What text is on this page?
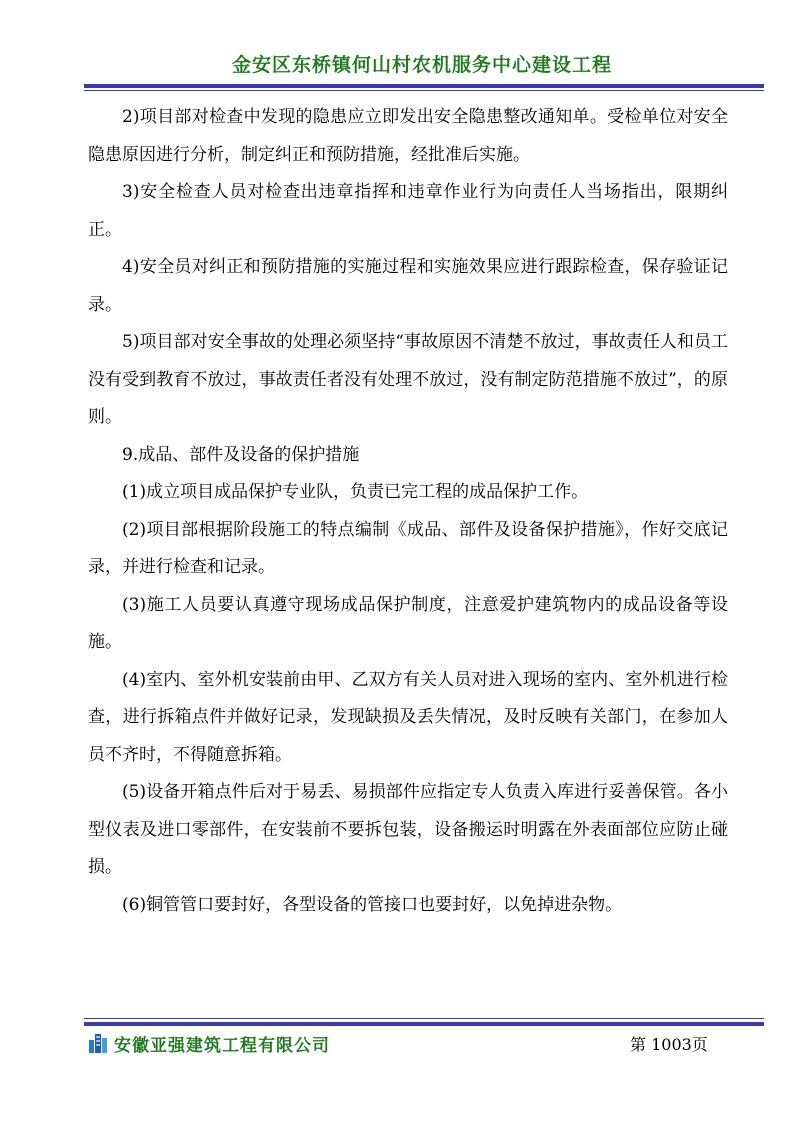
金安区东桥镇何山村农机服务中心建设工程

2)项目部对检查中发现的隐患应立即发出安全隐患整改通知单。受检单位对安全隐患原因进行分析，制定纠正和预防措施，经批准后实施。

3)安全检查人员对检查出违章指挥和违章作业行为向责任人当场指出，限期纠正。

4)安全员对纠正和预防措施的实施过程和实施效果应进行跟踪检查，保存验证记录。

5)项目部对安全事故的处理必须坚持“事故原因不清楚不放过，事故责任人和员工没有受到教育不放过，事故责任者没有处理不放过，没有制定防范措施不放过”，的原则。

9.成品、部件及设备的保护措施

(1)成立项目成品保护专业队，负责已完工程的成品保护工作。

(2)项目部根据阶段施工的特点编制《成品、部件及设备保护措施》，作好交底记录，并进行检查和记录。

(3)施工人员要认真遵守现场成品保护制度，注意爱护建筑物内的成品设备等设施。

(4)室内、室外机安装前由甲、乙双方有关人员对进入现场的室内、室外机进行检查，进行拆箱点件并做好记录，发现缺损及丢失情况，及时反映有关部门，在参加人员不齐时，不得随意拆箱。

(5)设备开箱点件后对于易丢、易损部件应指定专人负责入库进行妥善保管。各小型仪表及进口零部件，在安装前不要拆包装，设备搬运时明露在外表面部位应防止碰损。

(6)铜管管口要封好，各型设备的管接口也要封好，以免掉进杂物。

安徽亚强建筑工程有限公司	第 1003页
